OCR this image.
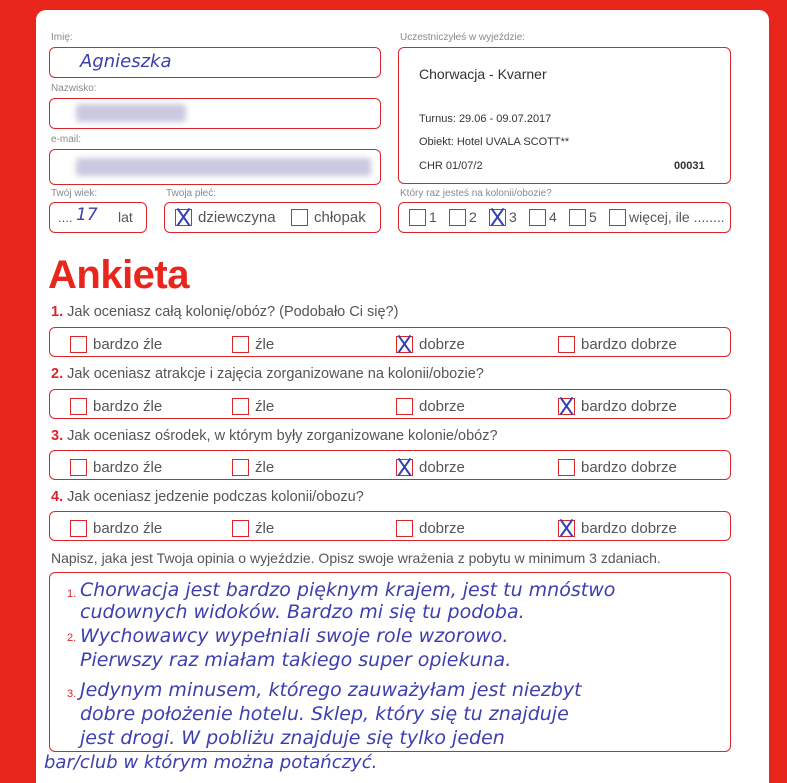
Imię:
Agnieszka
Nazwisko:
e-mail:
Twój wiek:
.... 17 lat
Twoja płeć:
dziewczyna	chłopak
Uczestniczyłeś w wyjeździe:
Chorwacja - Kvarner
Turnus: 29.06 - 09.07.2017
Obiekt: Hotel UVALA SCOTT**
CHR 01/07/2	00031
Który raz jesteś na kolonii/obozie?
1	2	3	4	5	więcej, ile ........
Ankieta
1. Jak oceniasz całą kolonię/obóz? (Podobało Ci się?)
bardzo źle	źle	dobrze	bardzo dobrze
2. Jak oceniasz atrakcje i zajęcia zorganizowane na kolonii/obozie?
bardzo źle	źle	dobrze	bardzo dobrze
3. Jak oceniasz ośrodek, w którym były zorganizowane kolonie/obóz?
bardzo źle	źle	dobrze	bardzo dobrze
4. Jak oceniasz jedzenie podczas kolonii/obozu?
bardzo źle	źle	dobrze	bardzo dobrze
Napisz, jaka jest Twoja opinia o wyjeździe. Opisz swoje wrażenia z pobytu w minimum 3 zdaniach.
1.
2.
3.
Chorwacja jest bardzo pięknym krajem, jest tu mnóstwo
cudownych widoków. Bardzo mi się tu podoba.
Wychowawcy wypełniali swoje role wzorowo.
Pierwszy raz miałam takiego super opiekuna.
Jedynym minusem, którego zauważyłam jest niezbyt
dobre położenie hotelu. Sklep, który się tu znajduje
jest drogi. W pobliżu znajduje się tylko jeden
bar/club w którym można potańczyć.
